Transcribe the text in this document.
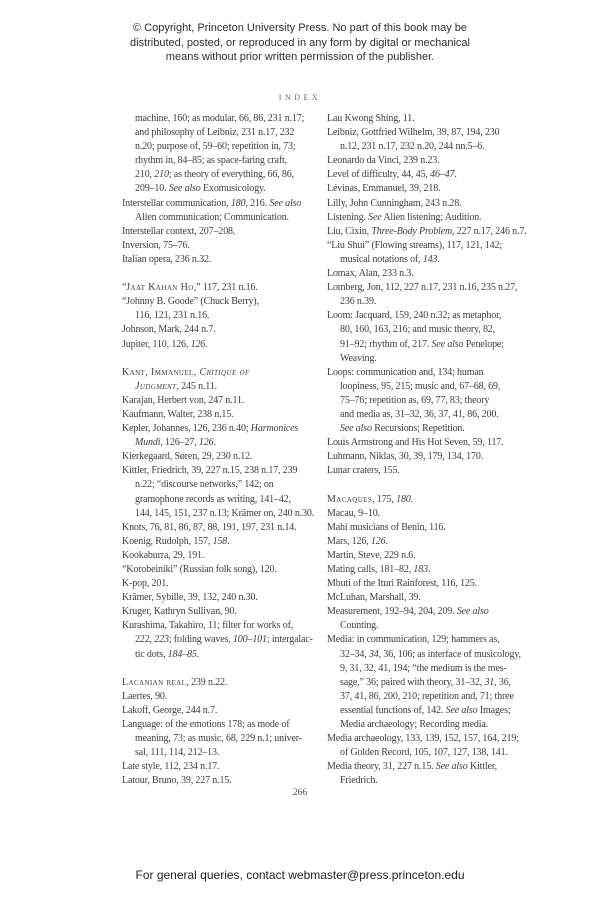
© Copyright, Princeton University Press. No part of this book may be
distributed, posted, or reproduced in any form by digital or mechanical
means without prior written permission of the publisher.
INDEX
machine, 160; as modular, 66, 86, 231 n.17;
and philosophy of Leibniz, 231 n.17, 232
n.20; purpose of, 59–60; repetition in, 73;
rhythm in, 84–85; as space-faring craft,
210, 210; as theory of everything, 66, 86,
209–10. See also Exomusicology.
Interstellar communication, 180, 216. See also
Alien communication; Communication.
Interstellar context, 207–208.
Inversion, 75–76.
Italian opera, 236 n.32.
“Jaat Kahan Ho,” 117, 231 n.16.
“Johnny B. Goode” (Chuck Berry),
116, 121, 231 n.16.
Johnson, Mark, 244 n.7.
Jupiter, 110, 126, 126.
Kant, Immanuel, Critique of
Judgment, 245 n.11.
Karajan, Herbert von, 247 n.11.
Kaufmann, Walter, 238 n.15.
Kepler, Johannes, 126, 236 n.40; Harmonices
Mundi, 126–27, 126.
Kierkegaard, Søren, 29, 230 n.12.
Kittler, Friedrich, 39, 227 n.15, 238 n.17, 239
n.22; “discourse networks,” 142; on
gramophone records as writing, 141–42,
144, 145, 151, 237 n.13; Krämer on, 240 n.30.
Knots, 76, 81, 86, 87, 88, 191, 197, 231 n.14.
Koenig, Rudolph, 157, 158.
Kookaburra, 29, 191.
“Korobeiniki” (Russian folk song), 120.
K-pop, 201.
Krämer, Sybille, 39, 132, 240 n.30.
Kruger, Kathryn Sullivan, 90.
Kurashima, Takahiro, 11; filter for works of,
222, 223; folding waves, 100–101; intergalac-
tic dots, 184–85.
Lacanian real, 239 n.22.
Laertes, 90.
Lakoff, George, 244 n.7.
Language: of the emotions 178; as mode of
meaning, 73; as music, 68, 229 n.1; univer-
sal, 111, 114, 212–13.
Late style, 112, 234 n.17.
Latour, Bruno, 39, 227 n.15.
Lau Kwong Shing, 11.
Leibniz, Gottfried Wilhelm, 39, 87, 194, 230
n.12, 231 n.17, 232 n.20, 244 nn.5–6.
Leonardo da Vinci, 239 n.23.
Level of difficulty, 44, 45, 46–47.
Lévinas, Emmanuel, 39, 218.
Lilly, John Cunningham, 243 n.28.
Listening. See Alien listening; Audition.
Liu, Cixin, Three-Body Problem, 227 n.17, 246 n.7.
“Liu Shui” (Flowing streams), 117, 121, 142;
musical notations of, 143.
Lomax, Alan, 233 n.3.
Lomberg, Jon, 112, 227 n.17, 231 n.16, 235 n.27,
236 n.39.
Loom: Jacquard, 159, 240 n.32; as metaphor,
80, 160, 163, 216; and music theory, 82,
91–92; rhythm of, 217. See also Penelope;
Weaving.
Loops: communication and, 134; human
loopiness, 95, 215; music and, 67–68, 69,
75–76; repetition as, 69, 77, 83; theory
and media as, 31–32, 36, 37, 41, 86, 200.
See also Recursions; Repetition.
Louis Armstrong and His Hot Seven, 59, 117.
Luhmann, Niklas, 30, 39, 179, 134, 170.
Lunar craters, 155.
Macaques, 175, 180.
Macau, 9–10.
Mahi musicians of Benin, 116.
Mars, 126, 126.
Martin, Steve, 229 n.6.
Mating calls, 181–82, 183.
Mbuti of the Ituri Rainforest, 116, 125.
McLuhan, Marshall, 39.
Measurement, 192–94, 204, 209. See also
Counting.
Media: in communication, 129; hammers as,
32–34, 34, 36, 106; as interface of musicology,
9, 31, 32, 41, 194; “the medium is the mes-
sage,” 36; paired with theory, 31–32, 31, 36,
37, 41, 86, 200, 210; repetition and, 71; three
essential functions of, 142. See also Images;
Media archaeology; Recording media.
Media archaeology, 133, 139, 152, 157, 164, 219;
of Golden Record, 105, 107, 127, 138, 141.
Media theory, 31, 227 n.15. See also Kittler,
Friedrich.
266
For general queries, contact webmaster@press.princeton.edu
